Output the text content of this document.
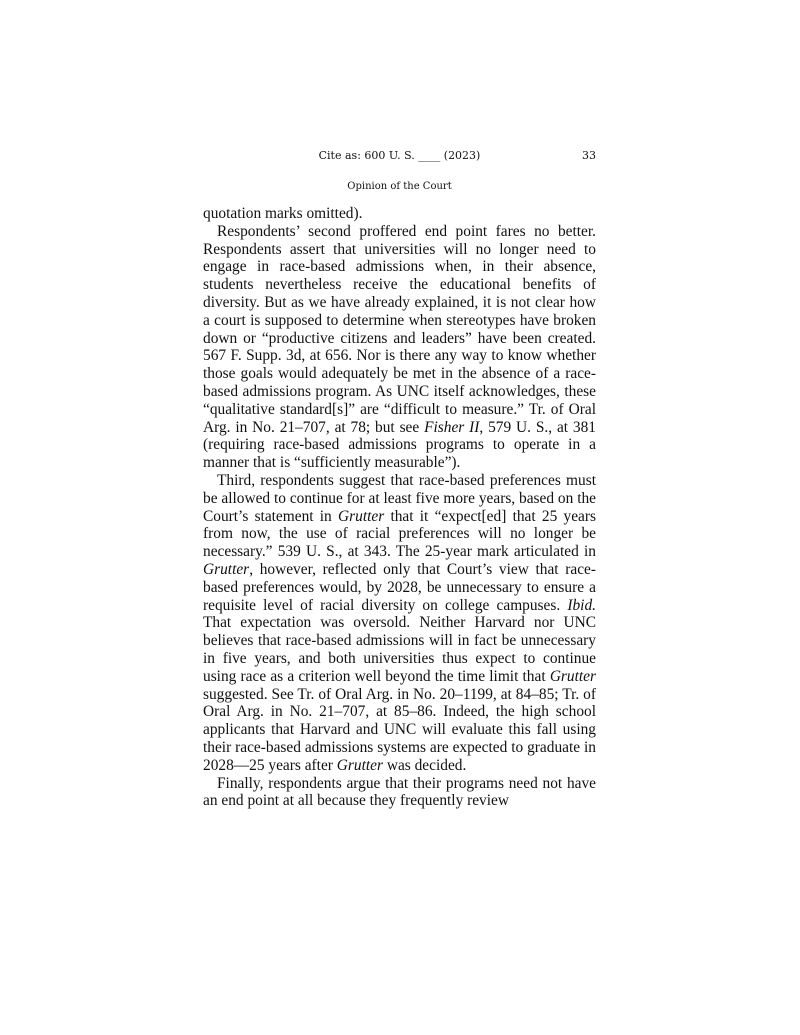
Cite as: 600 U. S. ____ (2023)	33
Opinion of the Court

quotation marks omitted).

Respondents’ second proffered end point fares no better. Respondents assert that universities will no longer need to engage in race-based admissions when, in their absence, students nevertheless receive the educational benefits of diversity. But as we have already explained, it is not clear how a court is supposed to determine when stereotypes have broken down or “productive citizens and leaders” have been created. 567 F. Supp. 3d, at 656. Nor is there any way to know whether those goals would adequately be met in the absence of a race-based admissions program. As UNC itself acknowledges, these “qualitative standard[s]” are “difficult to measure.” Tr. of Oral Arg. in No. 21–707, at 78; but see Fisher II, 579 U. S., at 381 (requiring race-based admissions programs to operate in a manner that is “sufficiently measurable”).

Third, respondents suggest that race-based preferences must be allowed to continue for at least five more years, based on the Court’s statement in Grutter that it “expect[ed] that 25 years from now, the use of racial preferences will no longer be necessary.” 539 U. S., at 343. The 25-year mark articulated in Grutter, however, reflected only that Court’s view that race-based preferences would, by 2028, be unnecessary to ensure a requisite level of racial diversity on college campuses. Ibid. That expectation was oversold. Neither Harvard nor UNC believes that race-based admissions will in fact be unnecessary in five years, and both universities thus expect to continue using race as a criterion well beyond the time limit that Grutter suggested. See Tr. of Oral Arg. in No. 20–1199, at 84–85; Tr. of Oral Arg. in No. 21–707, at 85–86. Indeed, the high school applicants that Harvard and UNC will evaluate this fall using their race-based admissions systems are expected to graduate in 2028—25 years after Grutter was decided.

Finally, respondents argue that their programs need not have an end point at all because they frequently review
